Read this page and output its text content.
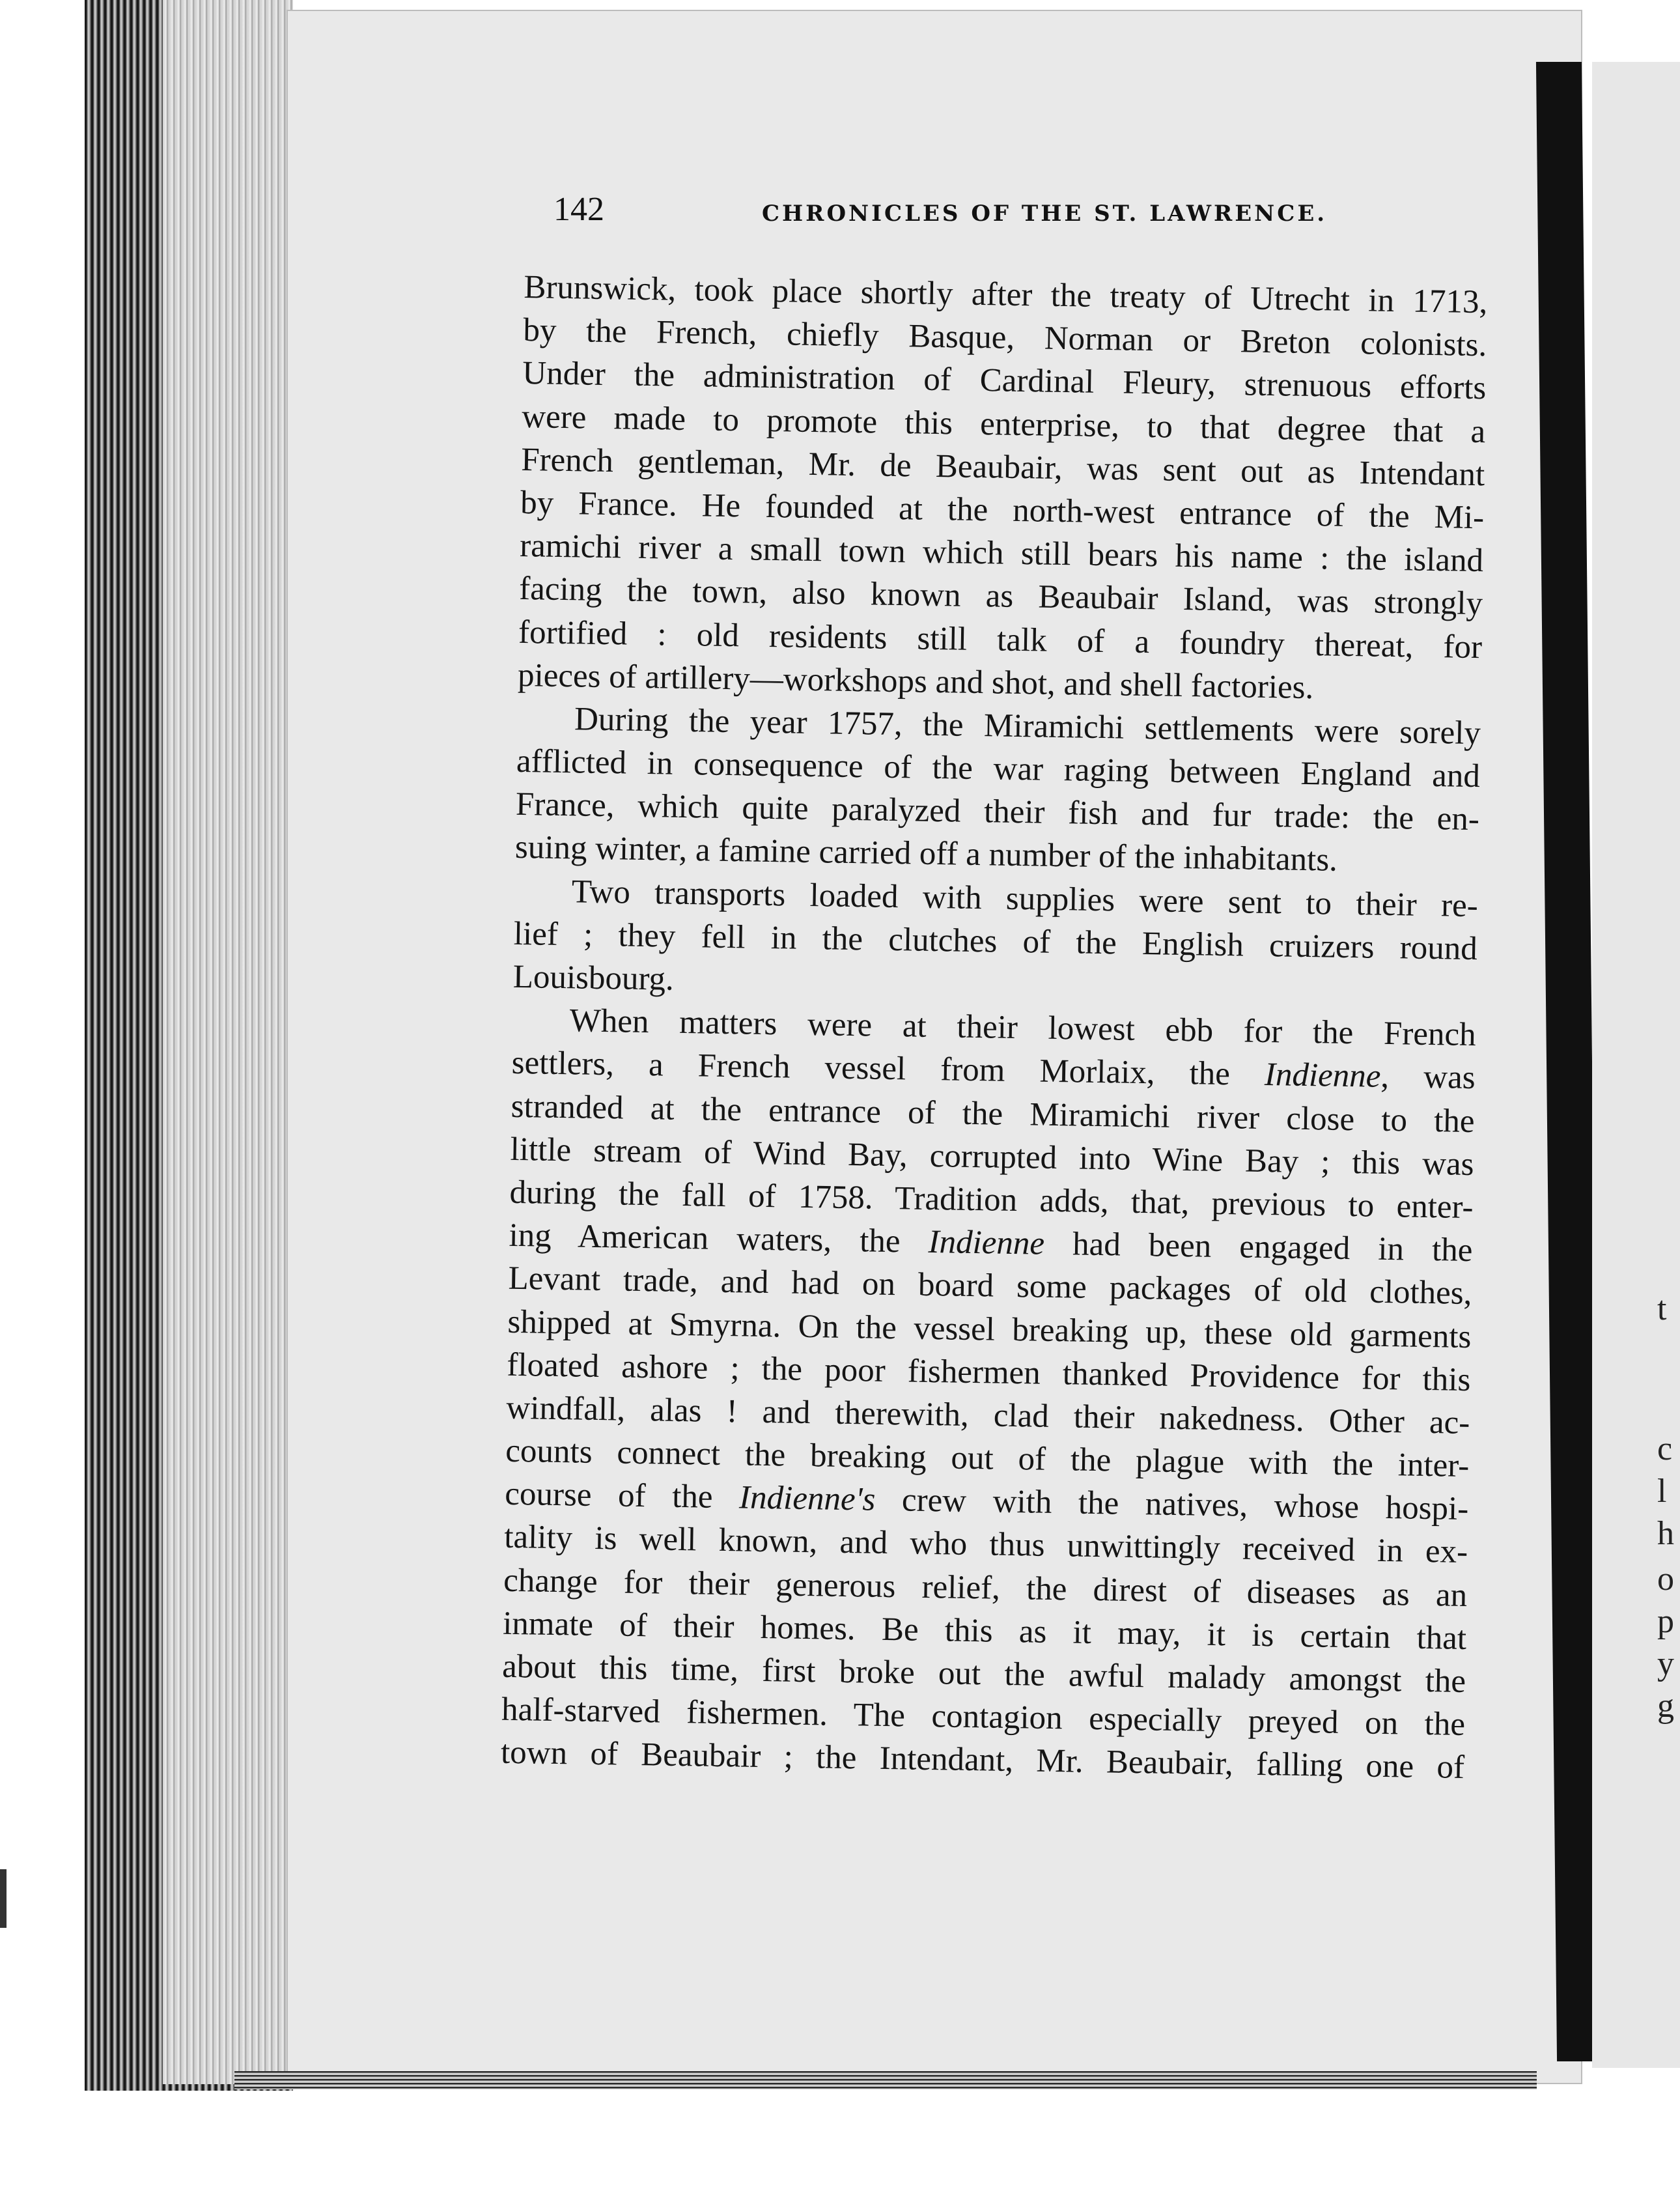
t
c
l
h
o
p
y
g
142	CHRONICLES OF THE ST. LAWRENCE.
Brunswick, took place shortly after the treaty of Utrecht in 1713,
by the French, chiefly Basque, Norman or Breton colonists.
Under the administration of Cardinal Fleury, strenuous efforts
were made to promote this enterprise, to that degree that a
French gentleman, Mr. de Beaubair, was sent out as Intendant
by France. He founded at the north-west entrance of the Mi-
ramichi river a small town which still bears his name : the island
facing the town, also known as Beaubair Island, was strongly
fortified : old residents still talk of a foundry thereat, for
pieces of artillery—workshops and shot, and shell factories.
During the year 1757, the Miramichi settlements were sorely
afflicted in consequence of the war raging between England and
France, which quite paralyzed their fish and fur trade: the en-
suing winter, a famine carried off a number of the inhabitants.
Two transports loaded with supplies were sent to their re-
lief ; they fell in the clutches of the English cruizers round
Louisbourg.
When matters were at their lowest ebb for the French
settlers, a French vessel from Morlaix, the Indienne, was
stranded at the entrance of the Miramichi river close to the
little stream of Wind Bay, corrupted into Wine Bay ; this was
during the fall of 1758. Tradition adds, that, previous to enter-
ing American waters, the Indienne had been engaged in the
Levant trade, and had on board some packages of old clothes,
shipped at Smyrna. On the vessel breaking up, these old garments
floated ashore ; the poor fishermen thanked Providence for this
windfall, alas ! and therewith, clad their nakedness. Other ac-
counts connect the breaking out of the plague with the inter-
course of the Indienne's crew with the natives, whose hospi-
tality is well known, and who thus unwittingly received in ex-
change for their generous relief, the direst of diseases as an
inmate of their homes. Be this as it may, it is certain that
about this time, first broke out the awful malady amongst the
half-starved fishermen. The contagion especially preyed on the
town of Beaubair ; the Intendant, Mr. Beaubair, falling one of
